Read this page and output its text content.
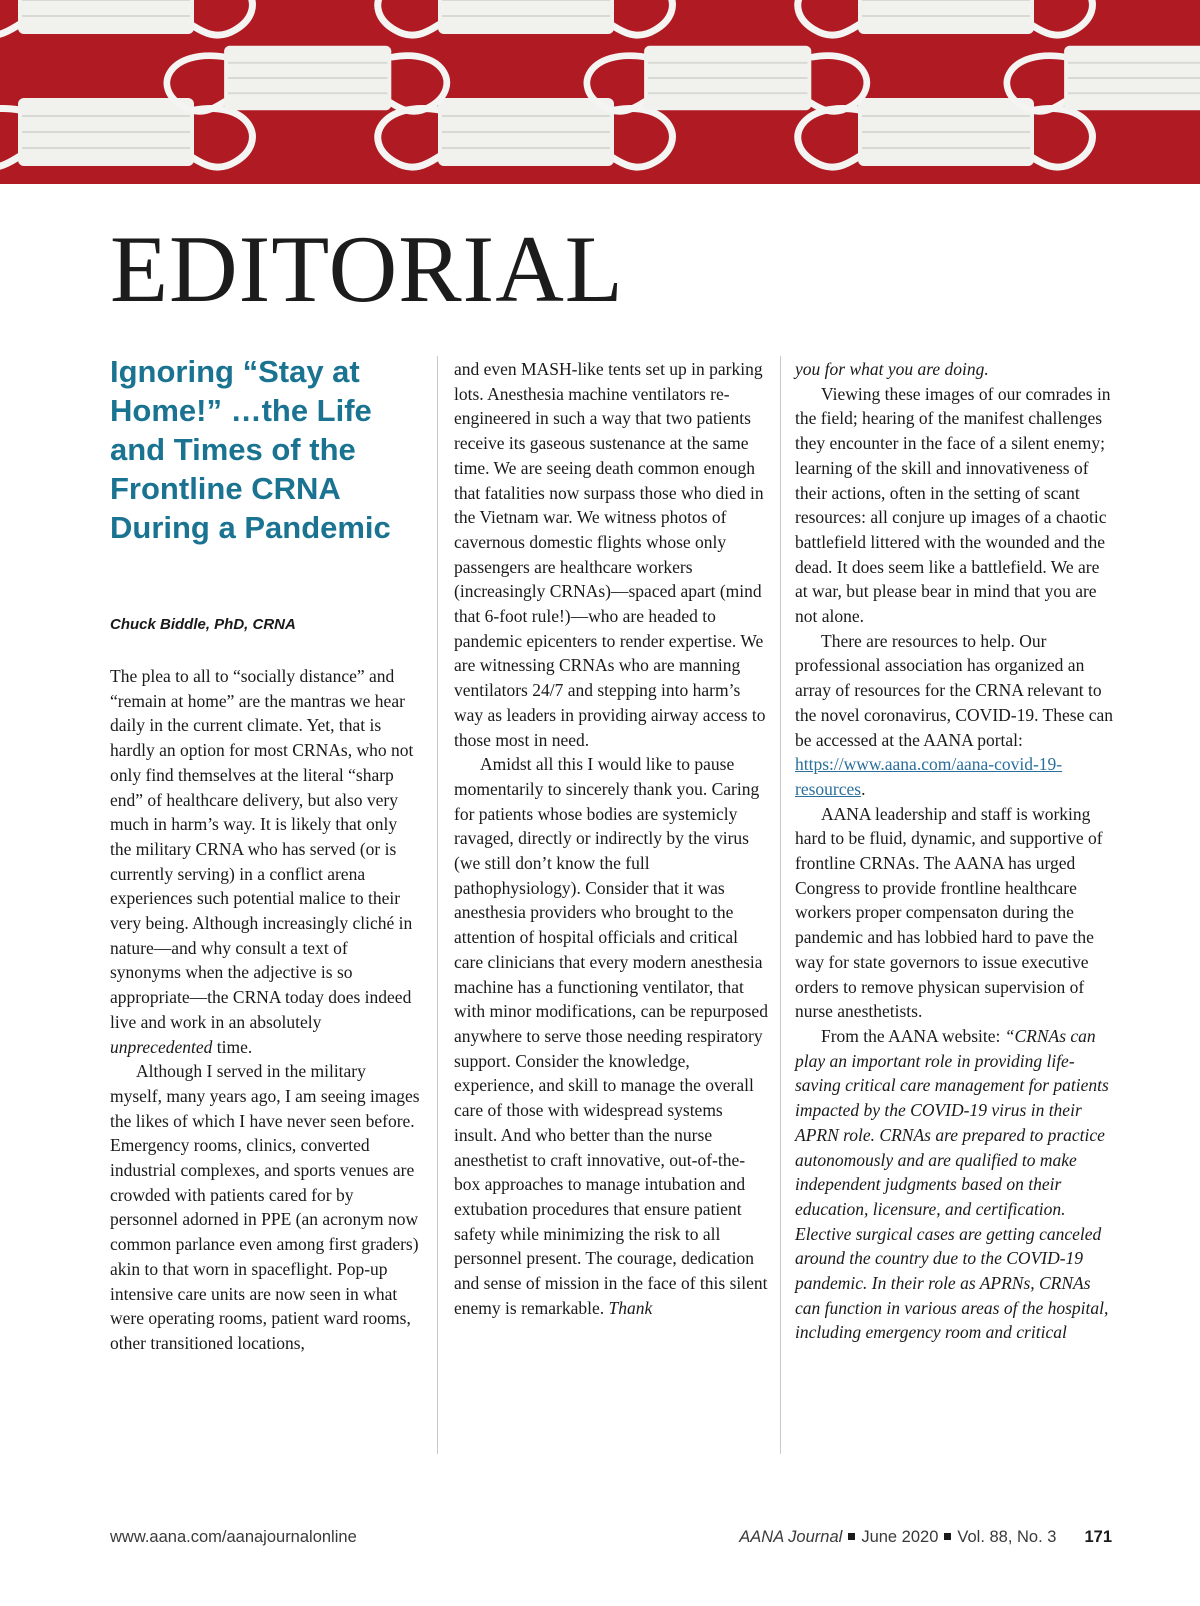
EDITORIAL
Ignoring “Stay at Home!” …the Life and Times of the Frontline CRNA During a Pandemic
Chuck Biddle, PhD, CRNA

The plea to all to “socially distance” and “remain at home” are the mantras we hear daily in the current climate. Yet, that is hardly an option for most CRNAs, who not only find themselves at the literal “sharp end” of healthcare delivery, but also very much in harm’s way. It is likely that only the military CRNA who has served (or is currently serving) in a conflict arena experiences such potential malice to their very being. Although increasingly cliché in nature—and why consult a text of synonyms when the adjective is so appropriate—the CRNA today does indeed live and work in an absolutely unprecedented time.

Although I served in the military myself, many years ago, I am seeing images the likes of which I have never seen before. Emergency rooms, clinics, converted industrial complexes, and sports venues are crowded with patients cared for by personnel adorned in PPE (an acronym now common parlance even among first graders) akin to that worn in spaceflight. Pop-up intensive care units are now seen in what were operating rooms, patient ward rooms, other transitioned locations,

and even MASH-like tents set up in parking lots. Anesthesia machine ventilators re-engineered in such a way that two patients receive its gaseous sustenance at the same time. We are seeing death common enough that fatalities now surpass those who died in the Vietnam war. We witness photos of cavernous domestic flights whose only passengers are healthcare workers (increasingly CRNAs)—spaced apart (mind that 6-foot rule!)—who are headed to pandemic epicenters to render expertise. We are witnessing CRNAs who are manning ventilators 24/7 and stepping into harm’s way as leaders in providing airway access to those most in need.

Amidst all this I would like to pause momentarily to sincerely thank you. Caring for patients whose bodies are systemicly ravaged, directly or indirectly by the virus (we still don’t know the full pathophysiology). Consider that it was anesthesia providers who brought to the attention of hospital officials and critical care clinicians that every modern anesthesia machine has a functioning ventilator, that with minor modifications, can be repurposed anywhere to serve those needing respiratory support. Consider the knowledge, experience, and skill to manage the overall care of those with widespread systems insult. And who better than the nurse anesthetist to craft innovative, out-of-the-box approaches to manage intubation and extubation procedures that ensure patient safety while minimizing the risk to all personnel present. The courage, dedication and sense of mission in the face of this silent enemy is remarkable. Thank

you for what you are doing.

Viewing these images of our comrades in the field; hearing of the manifest challenges they encounter in the face of a silent enemy; learning of the skill and innovativeness of their actions, often in the setting of scant resources: all conjure up images of a chaotic battlefield littered with the wounded and the dead. It does seem like a battlefield. We are at war, but please bear in mind that you are not alone.

There are resources to help. Our professional association has organized an array of resources for the CRNA relevant to the novel coronavirus, COVID-19. These can be accessed at the AANA portal: https://www.aana.com/aana-covid-19-resources.

AANA leadership and staff is working hard to be fluid, dynamic, and supportive of frontline CRNAs. The AANA has urged Congress to provide frontline healthcare workers proper compensaton during the pandemic and has lobbied hard to pave the way for state governors to issue executive orders to remove physican supervision of nurse anesthetists.

From the AANA website: “CRNAs can play an important role in providing life-saving critical care management for patients impacted by the COVID-19 virus in their APRN role. CRNAs are prepared to practice autonomously and are qualified to make independent judgments based on their education, licensure, and certification. Elective surgical cases are getting canceled around the country due to the COVID-19 pandemic. In their role as APRNs, CRNAs can function in various areas of the hospital, including emergency room and critical

www.aana.com/aanajournalonline	AANA Journal June 2020 Vol. 88, No. 3 171
